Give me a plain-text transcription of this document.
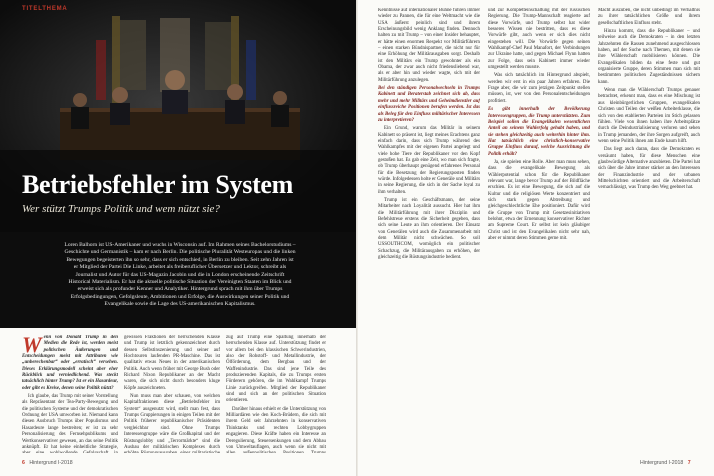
TITELTHEMA
Betriebsfehler im System
Wer stützt Trumps Politik und wem nützt sie?

Loren Balhorn ist US-Amerikaner und wuchs in Wisconsin auf. Im Rahmen seines Bachelorstudiums – Geschichte und Germanistik – kam er nach Berlin. Die politische Pluralität Westeuropas und die linken Bewegungen begeisterten ihn so sehr, dass er sich entschied, in Berlin zu bleiben. Seit zehn Jahren ist er Mitglied der Partei Die Linke, arbeitet als freiberuflicher Übersetzer und Lektor, schreibt als Journalist und Autor für das US-Magazin Jacobin und die in London erscheinende Zeitschrift Historical Materialism. Er hat die aktuelle politische Situation der Vereinigten Staaten im Blick und erweist sich als profunder Kenner und Analytiker. Hintergrund sprach mit ihm über Trumps Erfolgsbedingungen, Gefolgsleute, Ambitionen und Erfolge, die Auswirkungen seiner Politik und Evangelikale sowie die Lage des US-amerikanischen Kapitalismus.

Wenn von Donald Trump in den Medien die Rede ist, werden meist politischen Äußerungen und Entscheidungen meist mit Attributen wie „unberechenbar“ oder „erratisch“ versehen. Dieses Erklärungsmodell scheint aber eher Rückblick und verniedlichend. Was steckt tatsächlich hinter Trump? Ist er ein Hasardeur, oder gibt es Kreise, denen seine Politik nützt?

Ich glaube, das Trump mit seiner Vorstellung als Repräsentant der Tea-Party-Bewegung und die politischen Systeme und der demokratischen Ordnung der USA umworben ist. Niemand kann diesen Ausbruch Trumps über Populismus und Hasardeure lange bestreiten; er ist zu sehr Personalisierung des Fernsehpublikums und Wertkonservativer gewesen, an das seine Politik anknüpft. Er hat keine einheitliche Strategie,

gewissen Fraktionen der herrschenden Klasse und Trump ist letztlich gekennzeichnet durch dessen Selbstinszenierung und seiner auf Hochtouren laufenden PR-Maschine. Das ist qualitativ etwas Neues in der amerikanischen Politik. Auch wenn früher mit George Bush oder Richard Nixon Republikaner an der Macht waren, die sich nicht durch besonders kluge Köpfe auszeichneten.

Nun muss man aber schauen, von welchen Kapitalfraktionen diese „Betriebsfehler im System“ ausgenutzt wird, stellt man fest, dass Trumps Gruppierungen in einigen Teilen mit der Politik früherer republikanischer Präsidenten vergleichbar sind. Ohne Trumps Interessengruppe wäre die Großkapital und der Rüstungslobby und „Terrormärkte“ sind die Ausbau der militärischen Komplexes durch

zug auf Trump eine Spaltung innerhalb der herrschenden Klasse auf. Unterstützung findet er vor allem bei den klassischen Schwerindustrien, also der Rohstoff- und Metallindustrie, der Ölförderung, dem Bergbau und der Waffenindustrie. Das sind jene Teile des produzierenden Kapitals, die zu Trumps ersten Förderern gehören, die im Wahlkampf Trumps Linie zurückgreifen. Mitglied der Republikaner sind und sich an der politischen Situation orientieren.

Darüber hinaus erhielt er die Unterstützung von Milliardären wie den Koch-Brüdern, die sich mit ihrem Geld seit Jahrzehnten in konservativen Thinktanks und rechten Lobbygruppen engagieren. Diese Kräfte haben ein Interesse an Deregulierung, Steuersenkungen und dem Abbau von Umweltauflagen, auch wenn sie nicht mit

Kenntnisse auf internationaler Bühne führen immer wieder zu Pannen, die für eine Weltmacht wie die USA äußerst peinlich sind und ihrem Erscheinungsbild wenig Anklang finden. Dennoch halten zu mit Trump – von einer Insider behauptet, er hätte einen enormen Respekt vor Militärführern – einen starken Bündnispartner, die nicht nur für eine Erhöhung der Militärausgaben sorgt. Deshalb ist den Militärs ein Trump gewohnter als ein Obama, der zwar auch nicht friedensliebend war, als er aber hin und wieder wagte, sich mit der Militärführung anzulegen.

Bei den ständigen Personalwechseln in Trumps Kabinett und Beraterstab zeichnet sich ab, dass mehr und mehr Militärs und Geheimdienstler auf einflussreiche Positionen berufen werden. Ist das als Beleg für den Einfluss militärischer Interessen zu interpretieren?

Ein Grund, warum das Militär in seinem Kabinett so präsent ist, liegt meines Erachtens ganz einfach darin, dass sich Trump während des Wahlkampfes mit der eigenen Partei angelegt und viele hohe Tiere der Republikaner vor den Kopf gestoßen hat. Es gab eine Zeit, wo man sich fragte, ob Trump überhaupt genügend erfahrenes Personal für die Besetzung der Regierungsposten finden würde. Infolgedessen holte er Generäle und Militärs in seine Regierung, die sich in der Sache loyal zu ihm verhalten.

Trump ist ein Geschäftsmann, der seine Mitarbeiter nach Loyalität aussucht. Hier hat ihm die Militärführung mit ihrer Disziplin und Befehlstreue erstens die Sicherheit gegeben, dass sich seine Leute an ihm orientieren. Der Einsatz von Generälen wird auch die Zusammenarbeit mit dem Militär nicht schwächen. So soll USSOUTHCOM, womöglich ein politischer Schachzug, die Militärausgaben zu erhöhen, der gleichzeitig die Rüstungsindustrie bedient.

und zur Kompletteinschaltung mit der russischen Regierung. Die Trump-Mannschaft reagierte auf diese Vorwürfe, und Trump selbst hat wider besseres Wissen nie bestritten, dass es diese Vorwürfe gibt, auch wenn er sich dies nicht eingestehen will. Die Vorwürfe gegen seinen Wahlkampf-Chef Paul Manafort, der Verbindungen zur Ukraine hatte, und gegen Michael Flynn hatten zur Folge, dass sein Kabinett immer wieder umgestellt werden musste.

Was sich tatsächlich im Hintergrund abspielt, werden wir erst in ein paar Jahren erfahren. Die Frage aber, die wir zum jetzigen Zeitpunkt stellen müssen, ist, wer von den Personalentscheidungen profitiert.

Es gibt innerhalb der Bevölkerung Interessengruppen, die Trump unterstützten. Zum Beispiel sollen die Evangelikalen wesentlichen Anteil an seinem Wahlerfolg gehabt haben, und sie stehen gleichzeitig auch weiterhin hinter ihm. Hat tatsächlich eine christlich-konservative Gruppe Einfluss darauf, welche Ausrichtung die Politik erhält?

Ja, sie spielen eine Rolle. Aber man muss sehen, dass die evangelikale Bewegung als Wählerpotential schon für die Republikaner relevant war, lange bevor Trump auf der Bildfläche erschien. Es ist eine Bewegung, die sich auf die Kultur und die religiösen Werte konzentriert und sich stark gegen Abtreibung und gleichgeschlechtliche Ehe positioniert. Dafür wird die Gruppe von Trump mit Gesetzesinitiativen belohnt, etwa der Ernennung konservativer Richter am Supreme Court. Er selbst ist kein gläubiger Christ und ist den Evangelikalen nicht sehr nah, aber er nimmt deren Stimmen gerne mit.

Macht auszüben, die nicht unbedingt im Verhältnis zu ihrer tatsächlichen Größe und ihrem gesellschaftlichen Einfluss steht.

Hinzu kommt, dass die Republikaner – und teilweise auch die Demokraten – in den letzten Jahrzehnten die Rassen zunehmend ausgeschlossen haben, auf der Suche nach Themen, mit denen sie ihre Wählerschaft mobilisieren können. Die Evangelikalen bilden da eine feste und gut organisierte Gruppe, deren Stimmen man sich mit bestimmten politischen Zugeständnissen sichern kann.

Wenn man die Wählerschaft Trumps genauer betrachtet, erkennt man, dass es eine Mischung ist aus kleinbürgerlichen Gruppen, evangelikalen Christen und Teilen der weißen Arbeiterklasse, die sich von den etablierten Parteien im Stich gelassen fühlen. Viele von ihnen haben ihre Arbeitsplätze durch die Deindustrialisierung verloren und sehen in Trump jemanden, der ihre Sorgen aufgreift, auch wenn seine Politik ihnen am Ende kaum hilft.

Das liegt auch daran, dass die Demokraten es versäumt haben, für diese Menschen eine glaubwürdige Alternative anzubieten. Die Partei hat sich über die Jahre immer stärker an den Interessen der Finanzindustrie und der urbanen Mittelschichten orientiert und die Arbeiterschaft vernachlässigt, was Trump den Weg geebnet hat.

6 Hintergrund I-2018	Hintergrund I-2018 7
